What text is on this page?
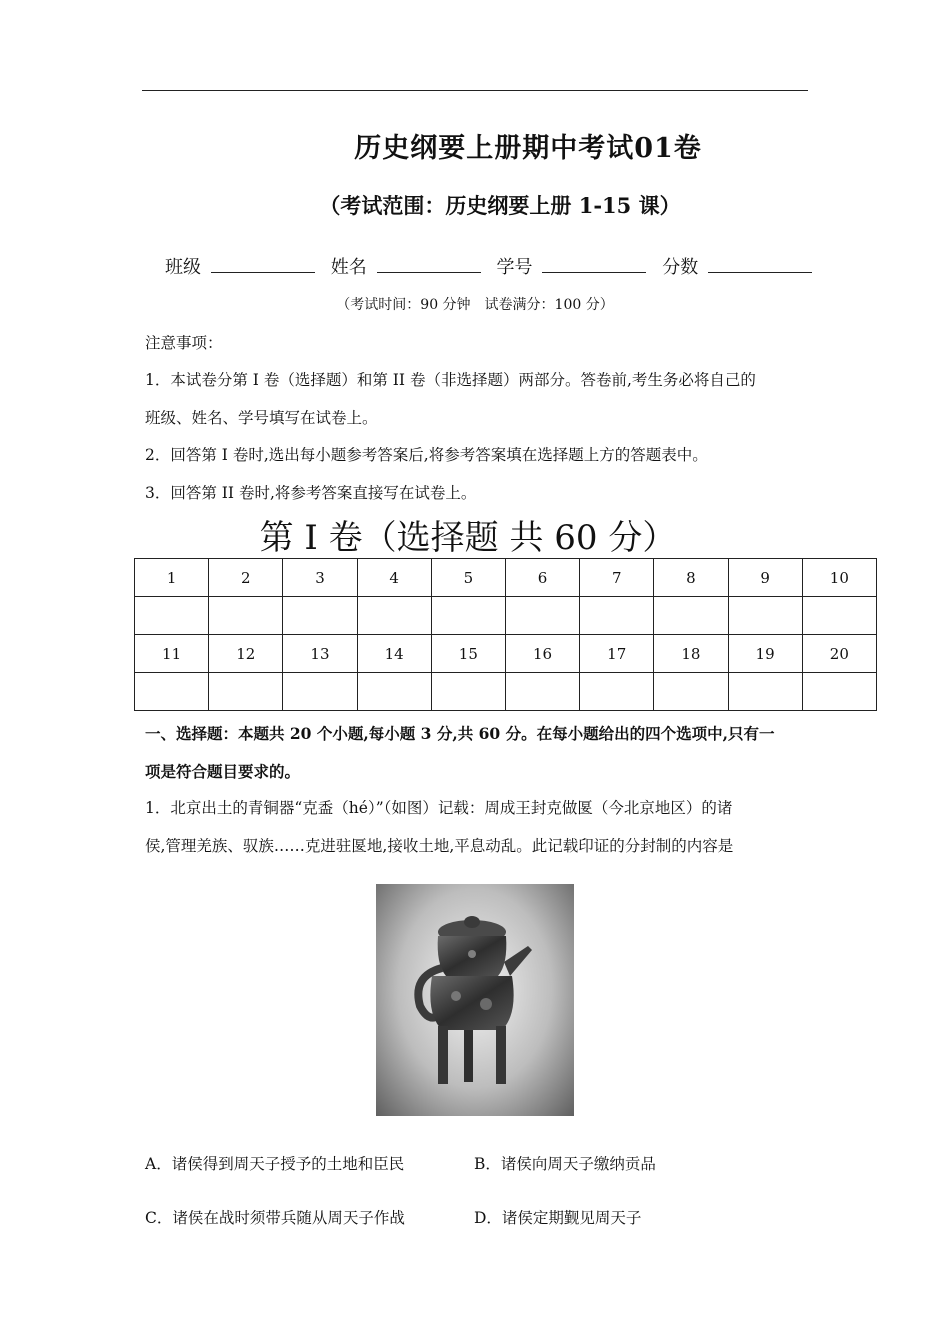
历史纲要上册期中考试01卷
（考试范围：历史纲要上册 1-15 课）
班级	姓名	学号	分数
（考试时间：90 分钟　试卷满分：100 分）
注意事项：
1．本试卷分第 I 卷（选择题）和第 II 卷（非选择题）两部分。答卷前,考生务必将自己的
班级、姓名、学号填写在试卷上。
2．回答第 I 卷时,选出每小题参考答案后,将参考答案填在选择题上方的答题表中。
3．回答第 II 卷时,将参考答案直接写在试卷上。
第 I 卷（选择题 共 60 分）
1	2	3	4	5	6	7	8	9	10

11	12	13	14	15	16	17	18	19	20

一、选择题：本题共 20 个小题,每小题 3 分,共 60 分。在每小题给出的四个选项中,只有一
项是符合题目要求的。
1．北京出土的青铜器“克盉（hé）”（如图）记载：周成王封克做匽（今北京地区）的诸
侯,管理羌族、驭族……克进驻匽地,接收土地,平息动乱。此记载印证的分封制的内容是
A．诸侯得到周天子授予的土地和臣民	B．诸侯向周天子缴纳贡品
C．诸侯在战时须带兵随从周天子作战	D．诸侯定期觐见周天子
